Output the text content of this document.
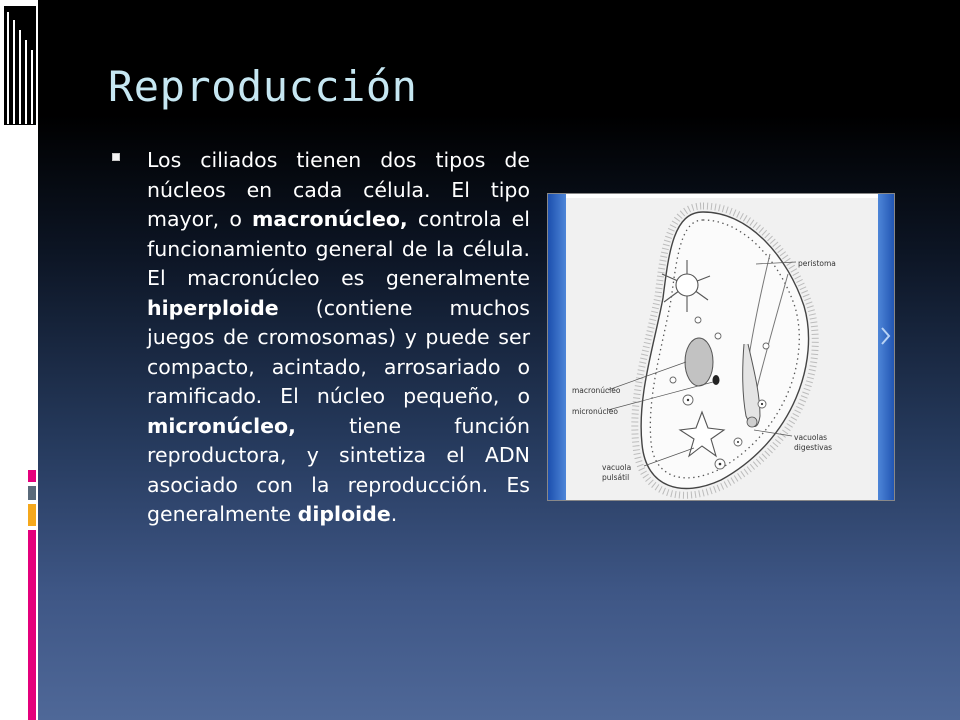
Reproducción

Los ciliados tienen dos tipos de núcleos en cada célula. El tipo mayor, o macronúcleo, controla el funcionamiento general de la célula. El macronúcleo es generalmente hiperploide (contiene muchos juegos de cromosomas) y puede ser compacto, acintado, arrosariado o ramificado. El núcleo pequeño, o micronúcleo, tiene función reproductora, y sintetiza el ADN asociado con la reproducción. Es generalmente diploide.

peristoma
macronúcleo
micronúcleo
vacuolas
digestivas
vacuola
pulsátil
